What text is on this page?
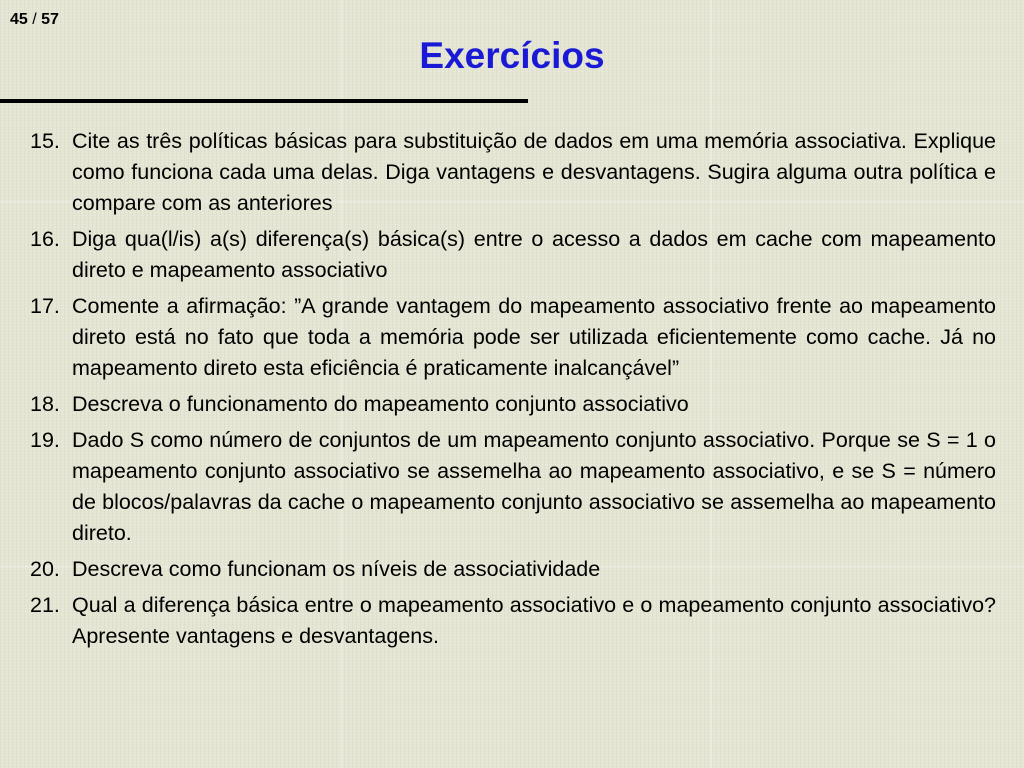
45 / 57
Exercícios
15. Cite as três políticas básicas para substituição de dados em uma memória associativa. Explique como funciona cada uma delas. Diga vantagens e desvantagens. Sugira alguma outra política e compare com as anteriores
16. Diga qua(l/is) a(s) diferença(s) básica(s) entre o acesso a dados em cache com mapeamento direto e mapeamento associativo
17. Comente a afirmação: ”A grande vantagem do mapeamento associativo frente ao mapeamento direto está no fato que toda a memória pode ser utilizada eficientemente como cache. Já no mapeamento direto esta eficiência é praticamente inalcançável”
18. Descreva o funcionamento do mapeamento conjunto associativo
19. Dado S como número de conjuntos de um mapeamento conjunto associativo. Porque se S = 1 o mapeamento conjunto associativo se assemelha ao mapeamento associativo, e se S = número de blocos/palavras da cache o mapeamento conjunto associativo se assemelha ao mapeamento direto.
20. Descreva como funcionam os níveis de associatividade
21. Qual a diferença básica entre o mapeamento associativo e o mapeamento conjunto associativo? Apresente vantagens e desvantagens.
